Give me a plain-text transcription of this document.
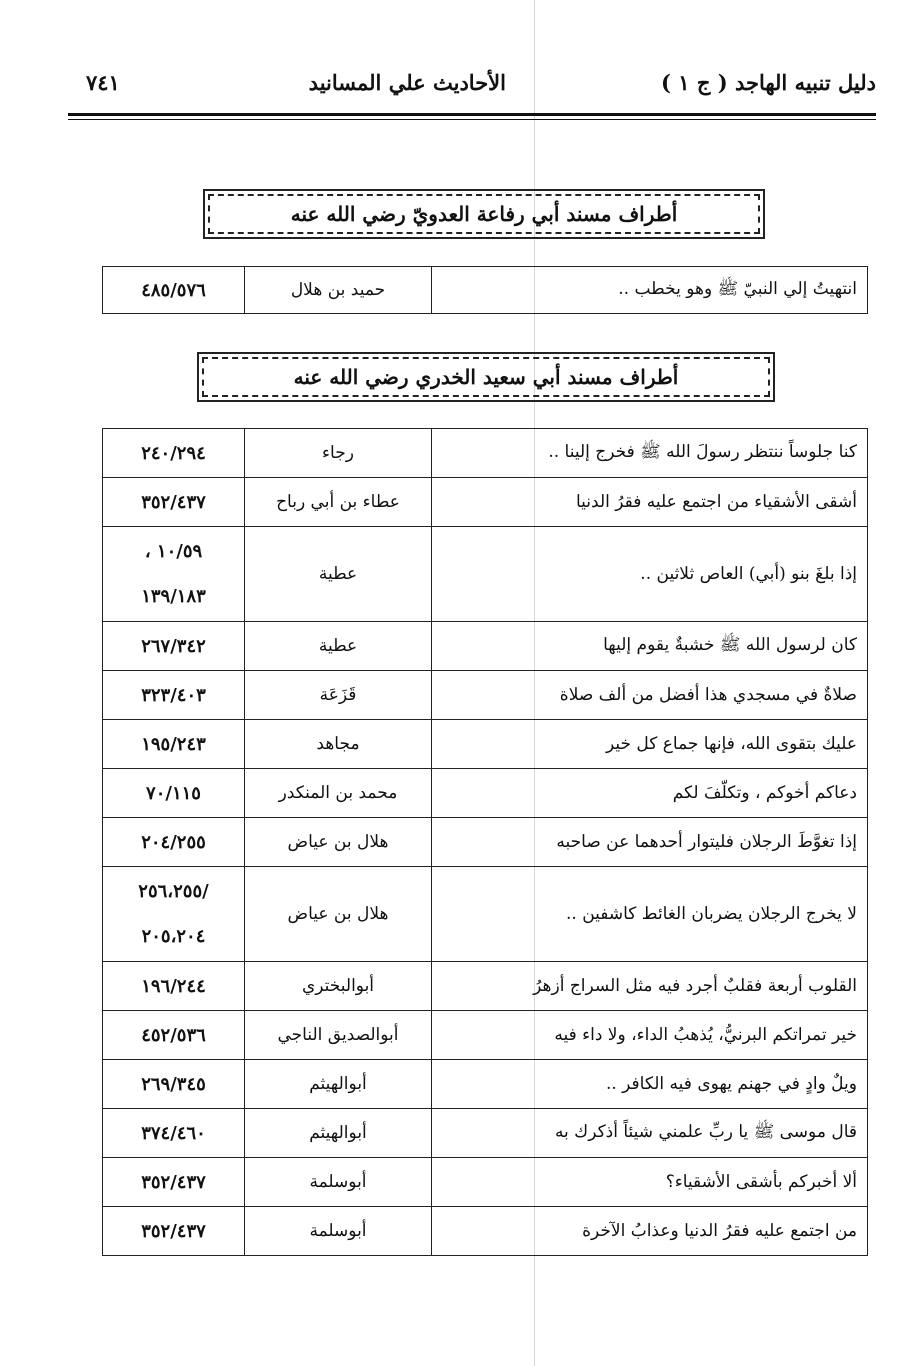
دليل تنبيه الهاجد ( ج ١ )
الأحاديث علي المسانيد
٧٤١
أطراف مسند أبي رفاعة العدويّ رضي الله عنه
انتهيتُ إلي النبيّ ﷺ وهو يخطب ..	حميد بن هلال	٤٨٥/٥٧٦
أطراف مسند أبي سعيد الخدري رضي الله عنه
كنا جلوساً ننتظر رسولَ الله ﷺ فخرج إلينا ..	رجاء	٢٤٠/٢٩٤
أشقى الأشقياء من اجتمع عليه فقرُ الدنيا	عطاء بن أبي رباح	٣٥٢/٤٣٧
إذا بلغَ بنو (أبي) العاص ثلاثين ..	عطية	١٠/٥٩ ،
١٣٩/١٨٣

كان لرسول الله ﷺ خشبةٌ يقوم إليها	عطية	٢٦٧/٣٤٢
صلاةٌ في مسجدي هذا أفضل من ألف صلاة	قَزَعَة	٣٢٣/٤٠٣
عليك بتقوى الله، فإنها جماع كل خير	مجاهد	١٩٥/٢٤٣
دعاكم أخوكم ، وتكلّفَ لكم	محمد بن المنكدر	٧٠/١١٥
إذا تغوَّطَ الرجلان فليتوار أحدهما عن صاحبه	هلال بن عياض	٢٠٤/٢٥٥
لا يخرج الرجلان يضربان الغائط كاشفين ..	هلال بن عياض	/٢٥٦،٢٥٥
٢٠٥،٢٠٤

القلوب أربعة فقلبٌ أجرد فيه مثل السراج أزهرُ	أبوالبختري	١٩٦/٢٤٤
خير تمراتكم البرنيُّ، يُذهبُ الداء، ولا داء فيه	أبوالصديق الناجي	٤٥٢/٥٣٦
ويلٌ وادٍ في جهنم يهوى فيه الكافر ..	أبوالهيثم	٢٦٩/٣٤٥
قال موسى ﷺ يا ربِّ علمني شيئاً أذكرك به	أبوالهيثم	٣٧٤/٤٦٠
ألا أخبركم بأشقى الأشقياء؟	أبوسلمة	٣٥٢/٤٣٧
من اجتمع عليه فقرُ الدنيا وعذابُ الآخرة	أبوسلمة	٣٥٢/٤٣٧
